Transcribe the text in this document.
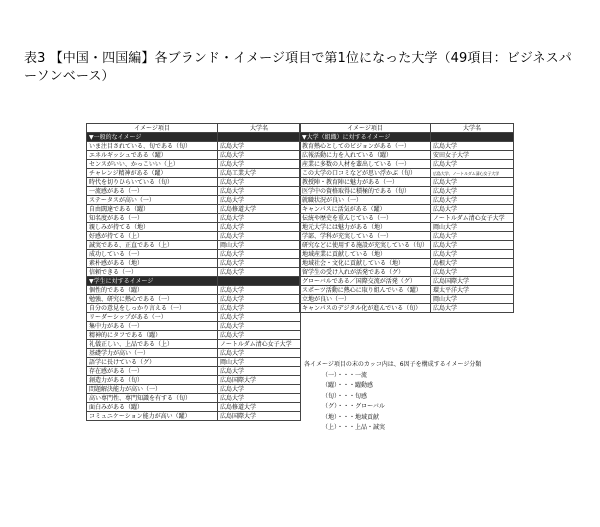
表3 【中国・四国編】各ブランド・イメージ項目で第1位になった大学（49項目：ビジネスパーソンベース）
イメージ項目	大学名
▼一般的なイメージ	
いま注目されている、旬である（旬）	広島大学
エネルギッシュである（躍）	広島大学
センスがいい、かっこいい（上）	広島大学
チャレンジ精神がある（躍）	広島工業大学
時代を切りひらいている（旬）	広島大学
一流感がある（一）	広島大学
ステータスが高い（一）	広島大学
自由闊達である（躍）	広島修道大学
知名度がある（一）	広島大学
親しみが持てる（地）	広島大学
好感が持てる（上）	広島大学
誠実である、正直である（上）	岡山大学
成功している（一）	広島大学
素朴感がある（地）	広島大学
信頼できる（一）	広島大学
▼学生に対するイメージ	
個性的である（躍）	広島大学
勉強、研究に熱心である（一）	広島大学
自分の意見をしっかり言える（一）	広島大学
リーダーシップがある（一）	広島大学
集中力がある（一）	広島大学
精神的にタフである（躍）	広島大学
礼儀正しい、上品である（上）	ノートルダム清心女子大学
基礎学力が高い（一）	広島大学
語学に長けている（グ）	岡山大学
存在感がある（一）	広島大学
創造力がある（旬）	広島国際大学
問題解決能力が高い（一）	広島大学
高い専門性、専門知識を有する（旬）	広島大学
面白みがある（躍）	広島修道大学
コミュニケーション能力が高い（躍）	広島国際大学
イメージ項目	大学名
▼大学（組織）に対するイメージ	
教育熱心としてのビジョンがある（一）	広島大学
広報活動に力を入れている（躍）	安田女子大学
産業に多数の人材を輩出している（一）	広島大学
この大学の口コミなどが思い浮かぶ（旬）	広島大学、ノートルダム清心女子大学
教授陣・教育陣に魅力がある（一）	広島大学
医学中の資格取得に積極的である（旬）	広島大学
就職状況が良い（一）	広島大学
キャンパスに活気がある（躍）	広島大学
伝統や歴史を重んじている（一）	ノートルダム清心女子大学
地元大学には魅力がある（地）	岡山大学
学部、学科が充実している（一）	広島大学
研究などに使用する施設が充実している（旬）	広島大学
地域産業に貢献している（地）	広島大学
地域社会・文化に貢献している（地）	島根大学
留学生の受け入れが活発である（グ）	広島大学
グローバルである／国際交流が活発（グ）	広島国際大学
スポーツ活動に熱心に取り組んでいる（躍）	環太平洋大学
立地が良い（一）	岡山大学
キャンパスのデジタル化が進んでいる（旬）	広島大学
各イメージ項目の末のカッコ内は、6因子を構成するイメージ分類
（一）・・・一流
（躍）・・・躍動感
（旬）・・・旬感
（グ）・・・グローバル
（地）・・・地域貢献
（上）・・・上品・誠実
